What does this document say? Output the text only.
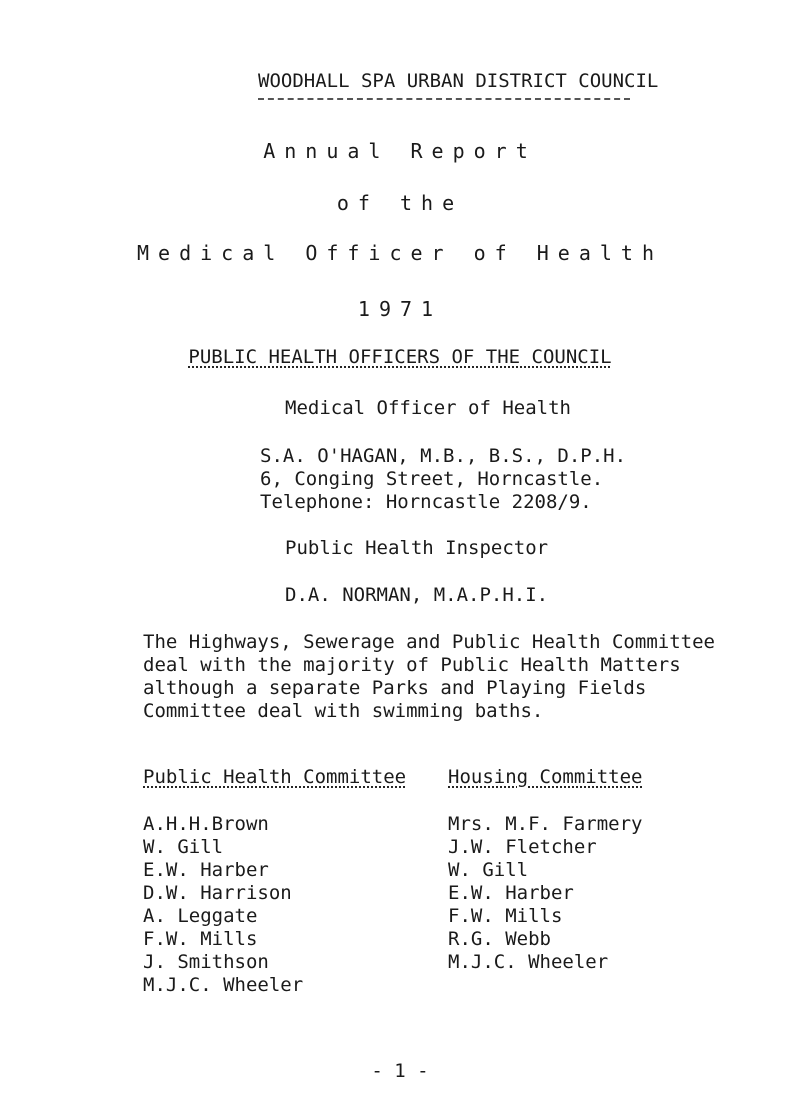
WOODHALL SPA URBAN DISTRICT COUNCIL
Annual Report
of the
Medical Officer of Health
1971
PUBLIC HEALTH OFFICERS OF THE COUNCIL
Medical Officer of Health
S.A. O'HAGAN, M.B., B.S., D.P.H.
6, Conging Street, Horncastle.
Telephone: Horncastle 2208/9.
Public Health Inspector
D.A. NORMAN, M.A.P.H.I.
The Highways, Sewerage and Public Health Committee
deal with the majority of Public Health Matters
although a separate Parks and Playing Fields
Committee deal with swimming baths.
Public Health Committee Housing Committee
A.H.H.Brown
W. Gill
E.W. Harber
D.W. Harrison
A. Leggate
F.W. Mills
J. Smithson
M.J.C. Wheeler
Mrs. M.F. Farmery
J.W. Fletcher
W. Gill
E.W. Harber
F.W. Mills
R.G. Webb
M.J.C. Wheeler
- 1 -
